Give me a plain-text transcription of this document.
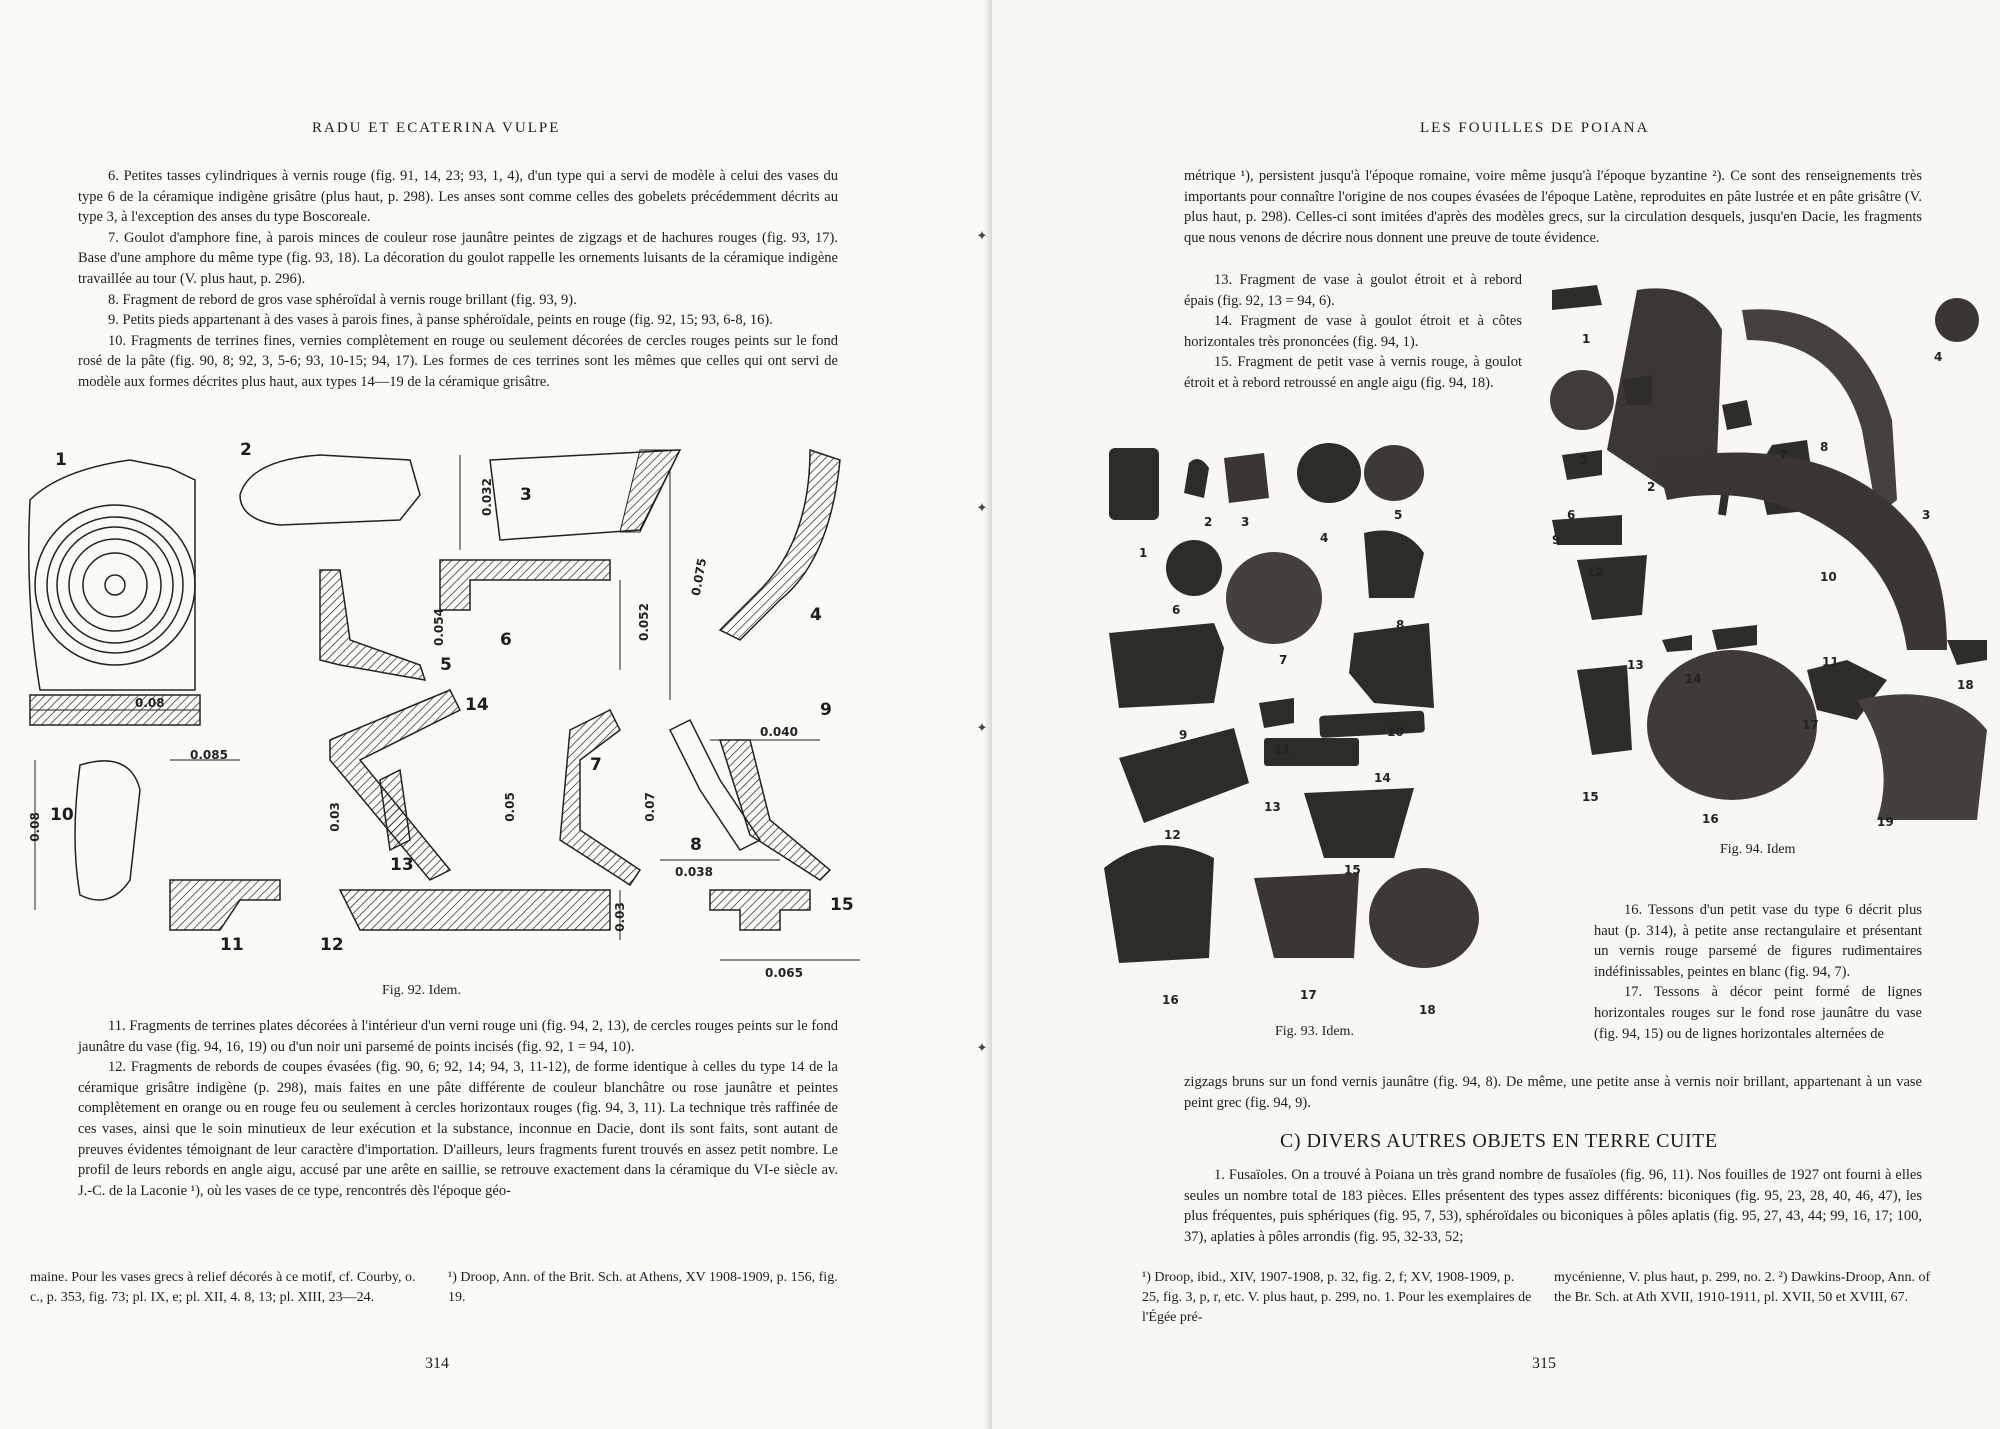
RADU ET ECATERINA VULPE

6. Petites tasses cylindriques à vernis rouge (fig. 91, 14, 23; 93, 1, 4), d'un type qui a servi de modèle à celui des vases du type 6 de la céramique indigène grisâtre (plus haut, p. 298). Les anses sont comme celles des gobelets précédemment décrits au type 3, à l'exception des anses du type Boscoreale.

7. Goulot d'amphore fine, à parois minces de couleur rose jaunâtre peintes de zigzags et de hachures rouges (fig. 93, 17). Base d'une amphore du même type (fig. 93, 18). La décoration du goulot rappelle les ornements luisants de la céramique indigène travaillée au tour (V. plus haut, p. 296).

8. Fragment de rebord de gros vase sphéroïdal à vernis rouge brillant (fig. 93, 9).

9. Petits pieds appartenant à des vases à parois fines, à panse sphéroïdale, peints en rouge (fig. 92, 15; 93, 6-8, 16).

10. Fragments de terrines fines, vernies complètement en rouge ou seulement décorées de cercles rouges peints sur le fond rosé de la pâte (fig. 90, 8; 92, 3, 5-6; 93, 10-15; 94, 17). Les formes de ces terrines sont les mêmes que celles qui ont servi de modèle aux formes décrites plus haut, aux types 14—19 de la céramique grisâtre.

1	2
3
4
5
6
7
8
9
10
11	12
13
14
15
0.032
0.075
0.052
0.054
0.08
0.085
0.03	0.05	0.07
0.038
0.040
0.08
0.03
0.065
Fig. 92. Idem.

11. Fragments de terrines plates décorées à l'intérieur d'un verni rouge uni (fig. 94, 2, 13), de cercles rouges peints sur le fond jaunâtre du vase (fig. 94, 16, 19) ou d'un noir uni parsemé de points incisés (fig. 92, 1 = 94, 10).

12. Fragments de rebords de coupes évasées (fig. 90, 6; 92, 14; 94, 3, 11-12), de forme identique à celles du type 14 de la céramique grisâtre indigène (p. 298), mais faites en une pâte différente de couleur blanchâtre ou rose jaunâtre et peintes complètement en orange ou en rouge feu ou seulement à cercles horizontaux rouges (fig. 94, 3, 11). La technique très raffinée de ces vases, ainsi que le soin minutieux de leur exécution et la substance, inconnue en Dacie, dont ils sont faits, sont autant de preuves évidentes témoignant de leur caractère d'importation. D'ailleurs, leurs fragments furent trouvés en assez petit nombre. Le profil de leurs rebords en angle aigu, accusé par une arête en saillie, se retrouve exactement dans la céramique du VI-e siècle av. J.-C. de la Laconie ¹), où les vases de ce type, rencontrés dès l'époque géo-

maine. Pour les vases grecs à relief décorés à ce motif, cf. Courby, o. c., p. 353, fig. 73; pl. IX, e; pl. XII, 4. 8, 13; pl. XIII, 23—24.
¹) Droop, Ann. of the Brit. Sch. at Athens, XV 1908-1909, p. 156, fig. 19.
314
✦
✦
✦
✦
LES FOUILLES DE POIANA

métrique ¹), persistent jusqu'à l'époque romaine, voire même jusqu'à l'époque byzantine ²). Ce sont des renseignements très importants pour connaître l'origine de nos coupes évasées de l'époque Latène, reproduites en pâte lustrée et en pâte grisâtre (V. plus haut, p. 298). Celles-ci sont imitées d'après des modèles grecs, sur la circulation desquels, jusqu'en Dacie, les fragments que nous venons de décrire nous donnent une preuve de toute évidence.

13. Fragment de vase à goulot étroit et à rebord épais (fig. 92, 13 = 94, 6).

14. Fragment de vase à goulot étroit et à côtes horizontales très prononcées (fig. 94, 1).

15. Fragment de petit vase à vernis rouge, à goulot étroit et à rebord retroussé en angle aigu (fig. 94, 18).

1
2 3
4
5
6
7
8
9	10
11
12
13
14
15
16	17
18
Fig. 93. Idem.
1
2
3
4
5
6
7
8
9
10
11
12
13
14
15
16
17
18
19
Fig. 94. Idem

16. Tessons d'un petit vase du type 6 décrit plus haut (p. 314), à petite anse rectangulaire et présentant un vernis rouge parsemé de figures rudimentaires indéfinissables, peintes en blanc (fig. 94, 7).

17. Tessons à décor peint formé de lignes horizontales rouges sur le fond rose jaunâtre du vase (fig. 94, 15) ou de lignes horizontales alternées de

zigzags bruns sur un fond vernis jaunâtre (fig. 94, 8). De même, une petite anse à vernis noir brillant, appartenant à un vase peint grec (fig. 94, 9).

C) DIVERS AUTRES OBJETS EN TERRE CUITE

1. Fusaïoles. On a trouvé à Poiana un très grand nombre de fusaïoles (fig. 96, 11). Nos fouilles de 1927 ont fourni à elles seules un nombre total de 183 pièces. Elles présentent des types assez différents: biconiques (fig. 95, 23, 28, 40, 46, 47), les plus fréquentes, puis sphériques (fig. 95, 7, 53), sphéroïdales ou biconiques à pôles aplatis (fig. 95, 27, 43, 44; 99, 16, 17; 100, 37), aplaties à pôles arrondis (fig. 95, 32-33, 52;

¹) Droop, ibid., XIV, 1907-1908, p. 32, fig. 2, f; XV, 1908-1909, p. 25, fig. 3, p, r, etc. V. plus haut, p. 299, no. 1. Pour les exemplaires de l'Égée pré-
mycénienne, V. plus haut, p. 299, no. 2. ²) Dawkins-Droop, Ann. of the Br. Sch. at Ath XVII, 1910-1911, pl. XVII, 50 et XVIII, 67.
315
